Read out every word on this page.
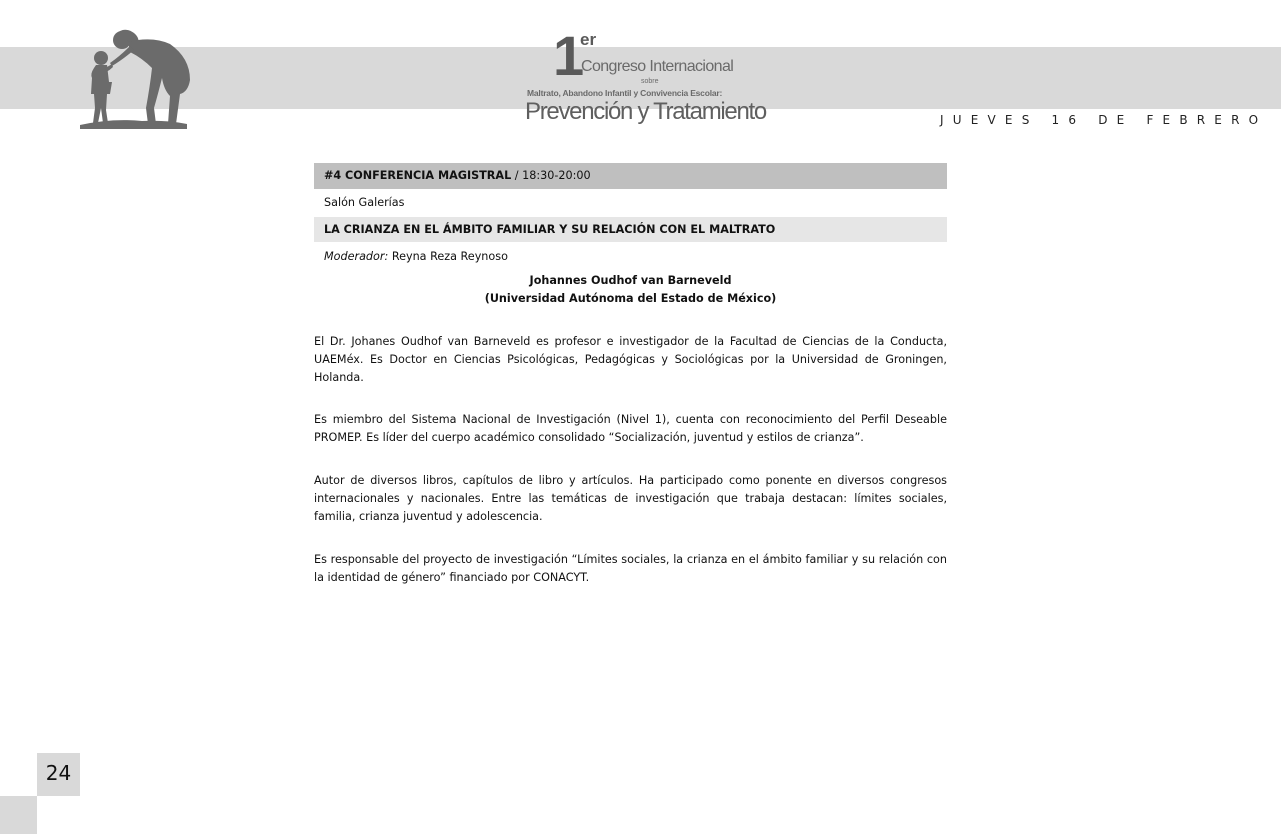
1
er
Congreso Internacional
sobre
Maltrato, Abandono Infantil y Convivencia Escolar:
Prevención y Tratamiento	JUEVES 16 DE FEBRERO
#4 CONFERENCIA MAGISTRAL / 18:30-20:00
Salón Galerías
LA CRIANZA EN EL ÁMBITO FAMILIAR Y SU RELACIÓN CON EL MALTRATO
Moderador: Reyna Reza Reynoso
Johannes Oudhof van Barneveld
(Universidad Autónoma del Estado de México)

El Dr. Johanes Oudhof van Barneveld es profesor e investigador de la Facultad de Ciencias de la Conducta, UAEMéx. Es Doctor en Ciencias Psicológicas, Pedagógicas y Sociológicas por la Universidad de Groningen, Holanda.

Es miembro del Sistema Nacional de Investigación (Nivel 1), cuenta con reconocimiento del Perfil Deseable PROMEP. Es líder del cuerpo académico consolidado “Socialización, juventud y estilos de crianza”.

Autor de diversos libros, capítulos de libro y artículos. Ha participado como ponente en diversos congresos internacionales y nacionales. Entre las temáticas de investigación que trabaja destacan: límites sociales, familia, crianza juventud y adolescencia.

Es responsable del proyecto de investigación “Límites sociales, la crianza en el ámbito familiar y su relación con la identidad de género” financiado por CONACYT.

24
